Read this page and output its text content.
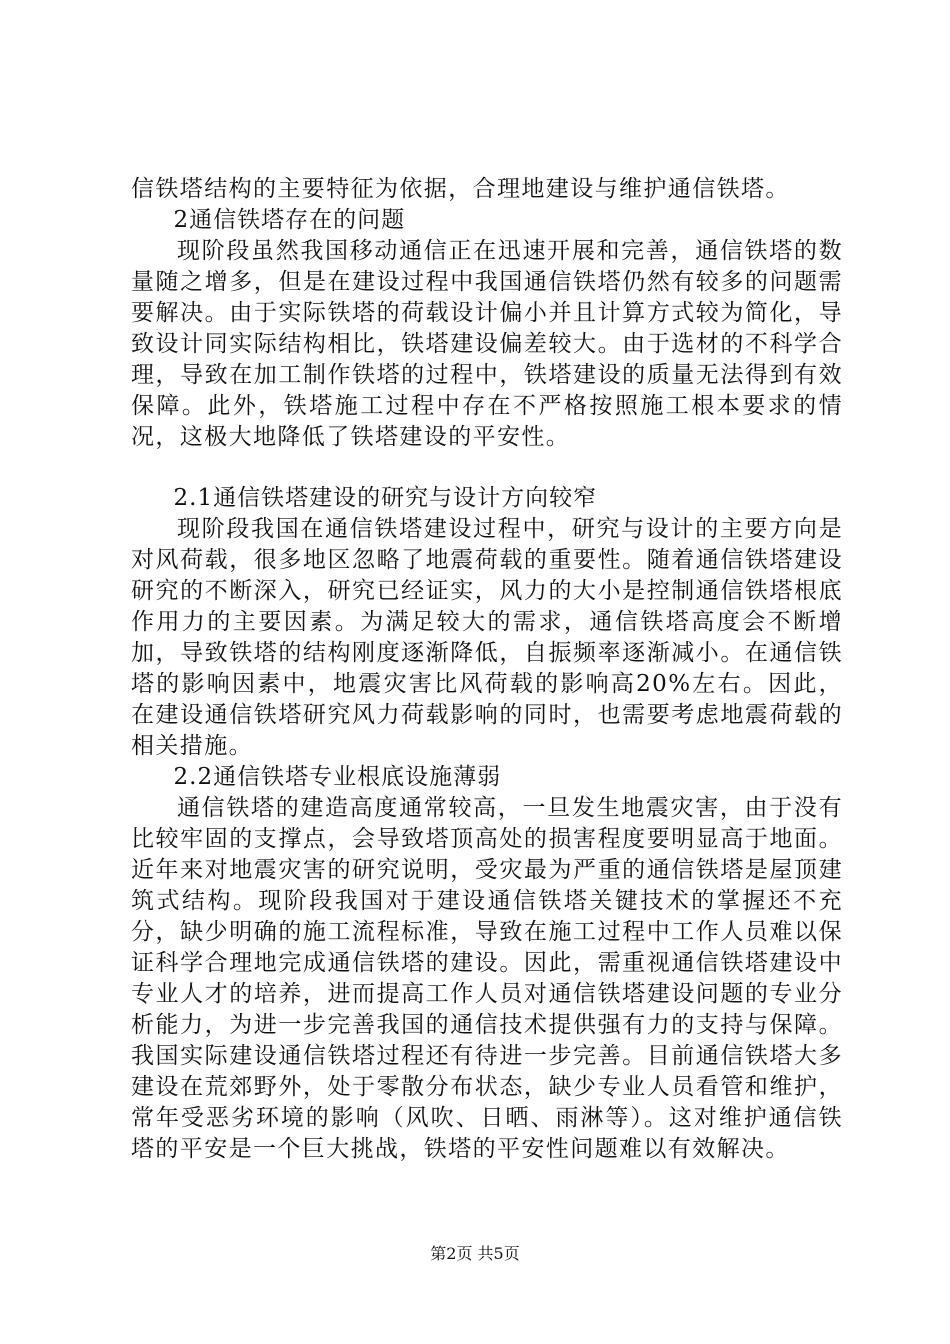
信铁塔结构的主要特征为依据，合理地建设与维护通信铁塔。

2通信铁塔存在的问题

现阶段虽然我国移动通信正在迅速开展和完善，通信铁塔的数量随之增多，但是在建设过程中我国通信铁塔仍然有较多的问题需要解决。由于实际铁塔的荷载设计偏小并且计算方式较为简化，导致设计同实际结构相比，铁塔建设偏差较大。由于选材的不科学合理，导致在加工制作铁塔的过程中，铁塔建设的质量无法得到有效保障。此外，铁塔施工过程中存在不严格按照施工根本要求的情况，这极大地降低了铁塔建设的平安性。

2.1通信铁塔建设的研究与设计方向较窄

现阶段我国在通信铁塔建设过程中，研究与设计的主要方向是对风荷载，很多地区忽略了地震荷载的重要性。随着通信铁塔建设研究的不断深入，研究已经证实，风力的大小是控制通信铁塔根底作用力的主要因素。为满足较大的需求，通信铁塔高度会不断增加，导致铁塔的结构刚度逐渐降低，自振频率逐渐减小。在通信铁塔的影响因素中，地震灾害比风荷载的影响高20%左右。因此，在建设通信铁塔研究风力荷载影响的同时，也需要考虑地震荷载的相关措施。

2.2通信铁塔专业根底设施薄弱

通信铁塔的建造高度通常较高，一旦发生地震灾害，由于没有比较牢固的支撑点，会导致塔顶高处的损害程度要明显高于地面。近年来对地震灾害的研究说明，受灾最为严重的通信铁塔是屋顶建筑式结构。现阶段我国对于建设通信铁塔关键技术的掌握还不充分，缺少明确的施工流程标准，导致在施工过程中工作人员难以保证科学合理地完成通信铁塔的建设。因此，需重视通信铁塔建设中专业人才的培养，进而提高工作人员对通信铁塔建设问题的专业分析能力，为进一步完善我国的通信技术提供强有力的支持与保障。我国实际建设通信铁塔过程还有待进一步完善。目前通信铁塔大多建设在荒郊野外，处于零散分布状态，缺少专业人员看管和维护，常年受恶劣环境的影响（风吹、日晒、雨淋等）。这对维护通信铁塔的平安是一个巨大挑战，铁塔的平安性问题难以有效解决。

第2页 共5页
